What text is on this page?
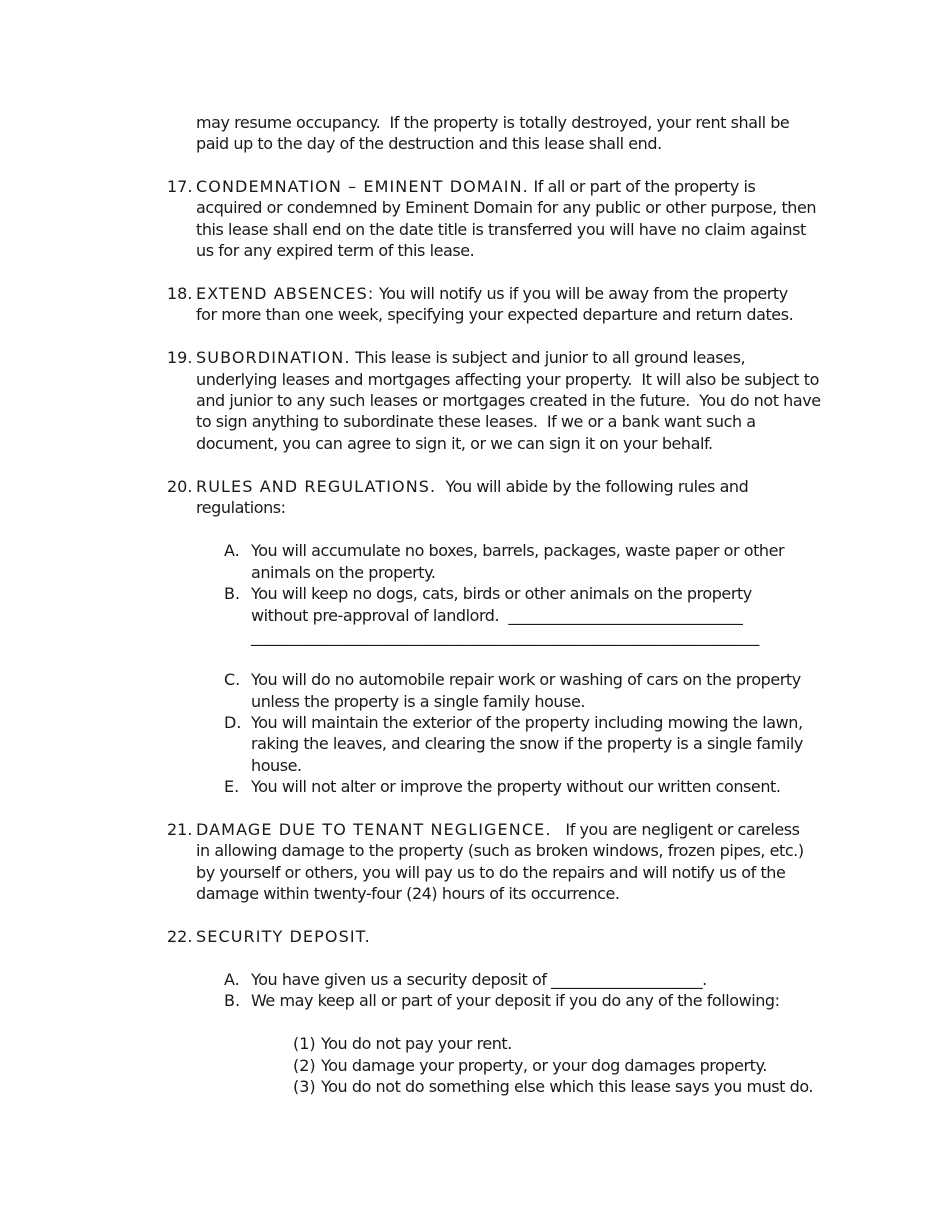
may resume occupancy.  If the property is totally destroyed, your rent shall be
paid up to the day of the destruction and this lease shall end.
17. CONDEMNATION – EMINENT DOMAIN. If all or part of the property is
acquired or condemned by Eminent Domain for any public or other purpose, then
this lease shall end on the date title is transferred you will have no claim against
us for any expired term of this lease.
18. EXTEND ABSENCES: You will notify us if you will be away from the property
for more than one week, specifying your expected departure and return dates.
19. SUBORDINATION. This lease is subject and junior to all ground leases,
underlying leases and mortgages affecting your property.  It will also be subject to
and junior to any such leases or mortgages created in the future.  You do not have
to sign anything to subordinate these leases.  If we or a bank want such a
document, you can agree to sign it, or we can sign it on your behalf.
20. RULES AND REGULATIONS.  You will abide by the following rules and
regulations:
A. You will accumulate no boxes, barrels, packages, waste paper or other
animals on the property.
B. You will keep no dogs, cats, birds or other animals on the property
without pre-approval of landlord.  _______________________________
______________________________________________________________
C. You will do no automobile repair work or washing of cars on the property
unless the property is a single family house.
D. You will maintain the exterior of the property including mowing the lawn,
raking the leaves, and clearing the snow if the property is a single family
house.
E. You will not alter or improve the property without our written consent.
21. DAMAGE DUE TO TENANT NEGLIGENCE.   If you are negligent or careless
in allowing damage to the property (such as broken windows, frozen pipes, etc.)
by yourself or others, you will pay us to do the repairs and will notify us of the
damage within twenty-four (24) hours of its occurrence.
22. SECURITY DEPOSIT.
A. You have given us a security deposit of ____________________.
B. We may keep all or part of your deposit if you do any of the following:
(1) You do not pay your rent.
(2) You damage your property, or your dog damages property.
(3) You do not do something else which this lease says you must do.
